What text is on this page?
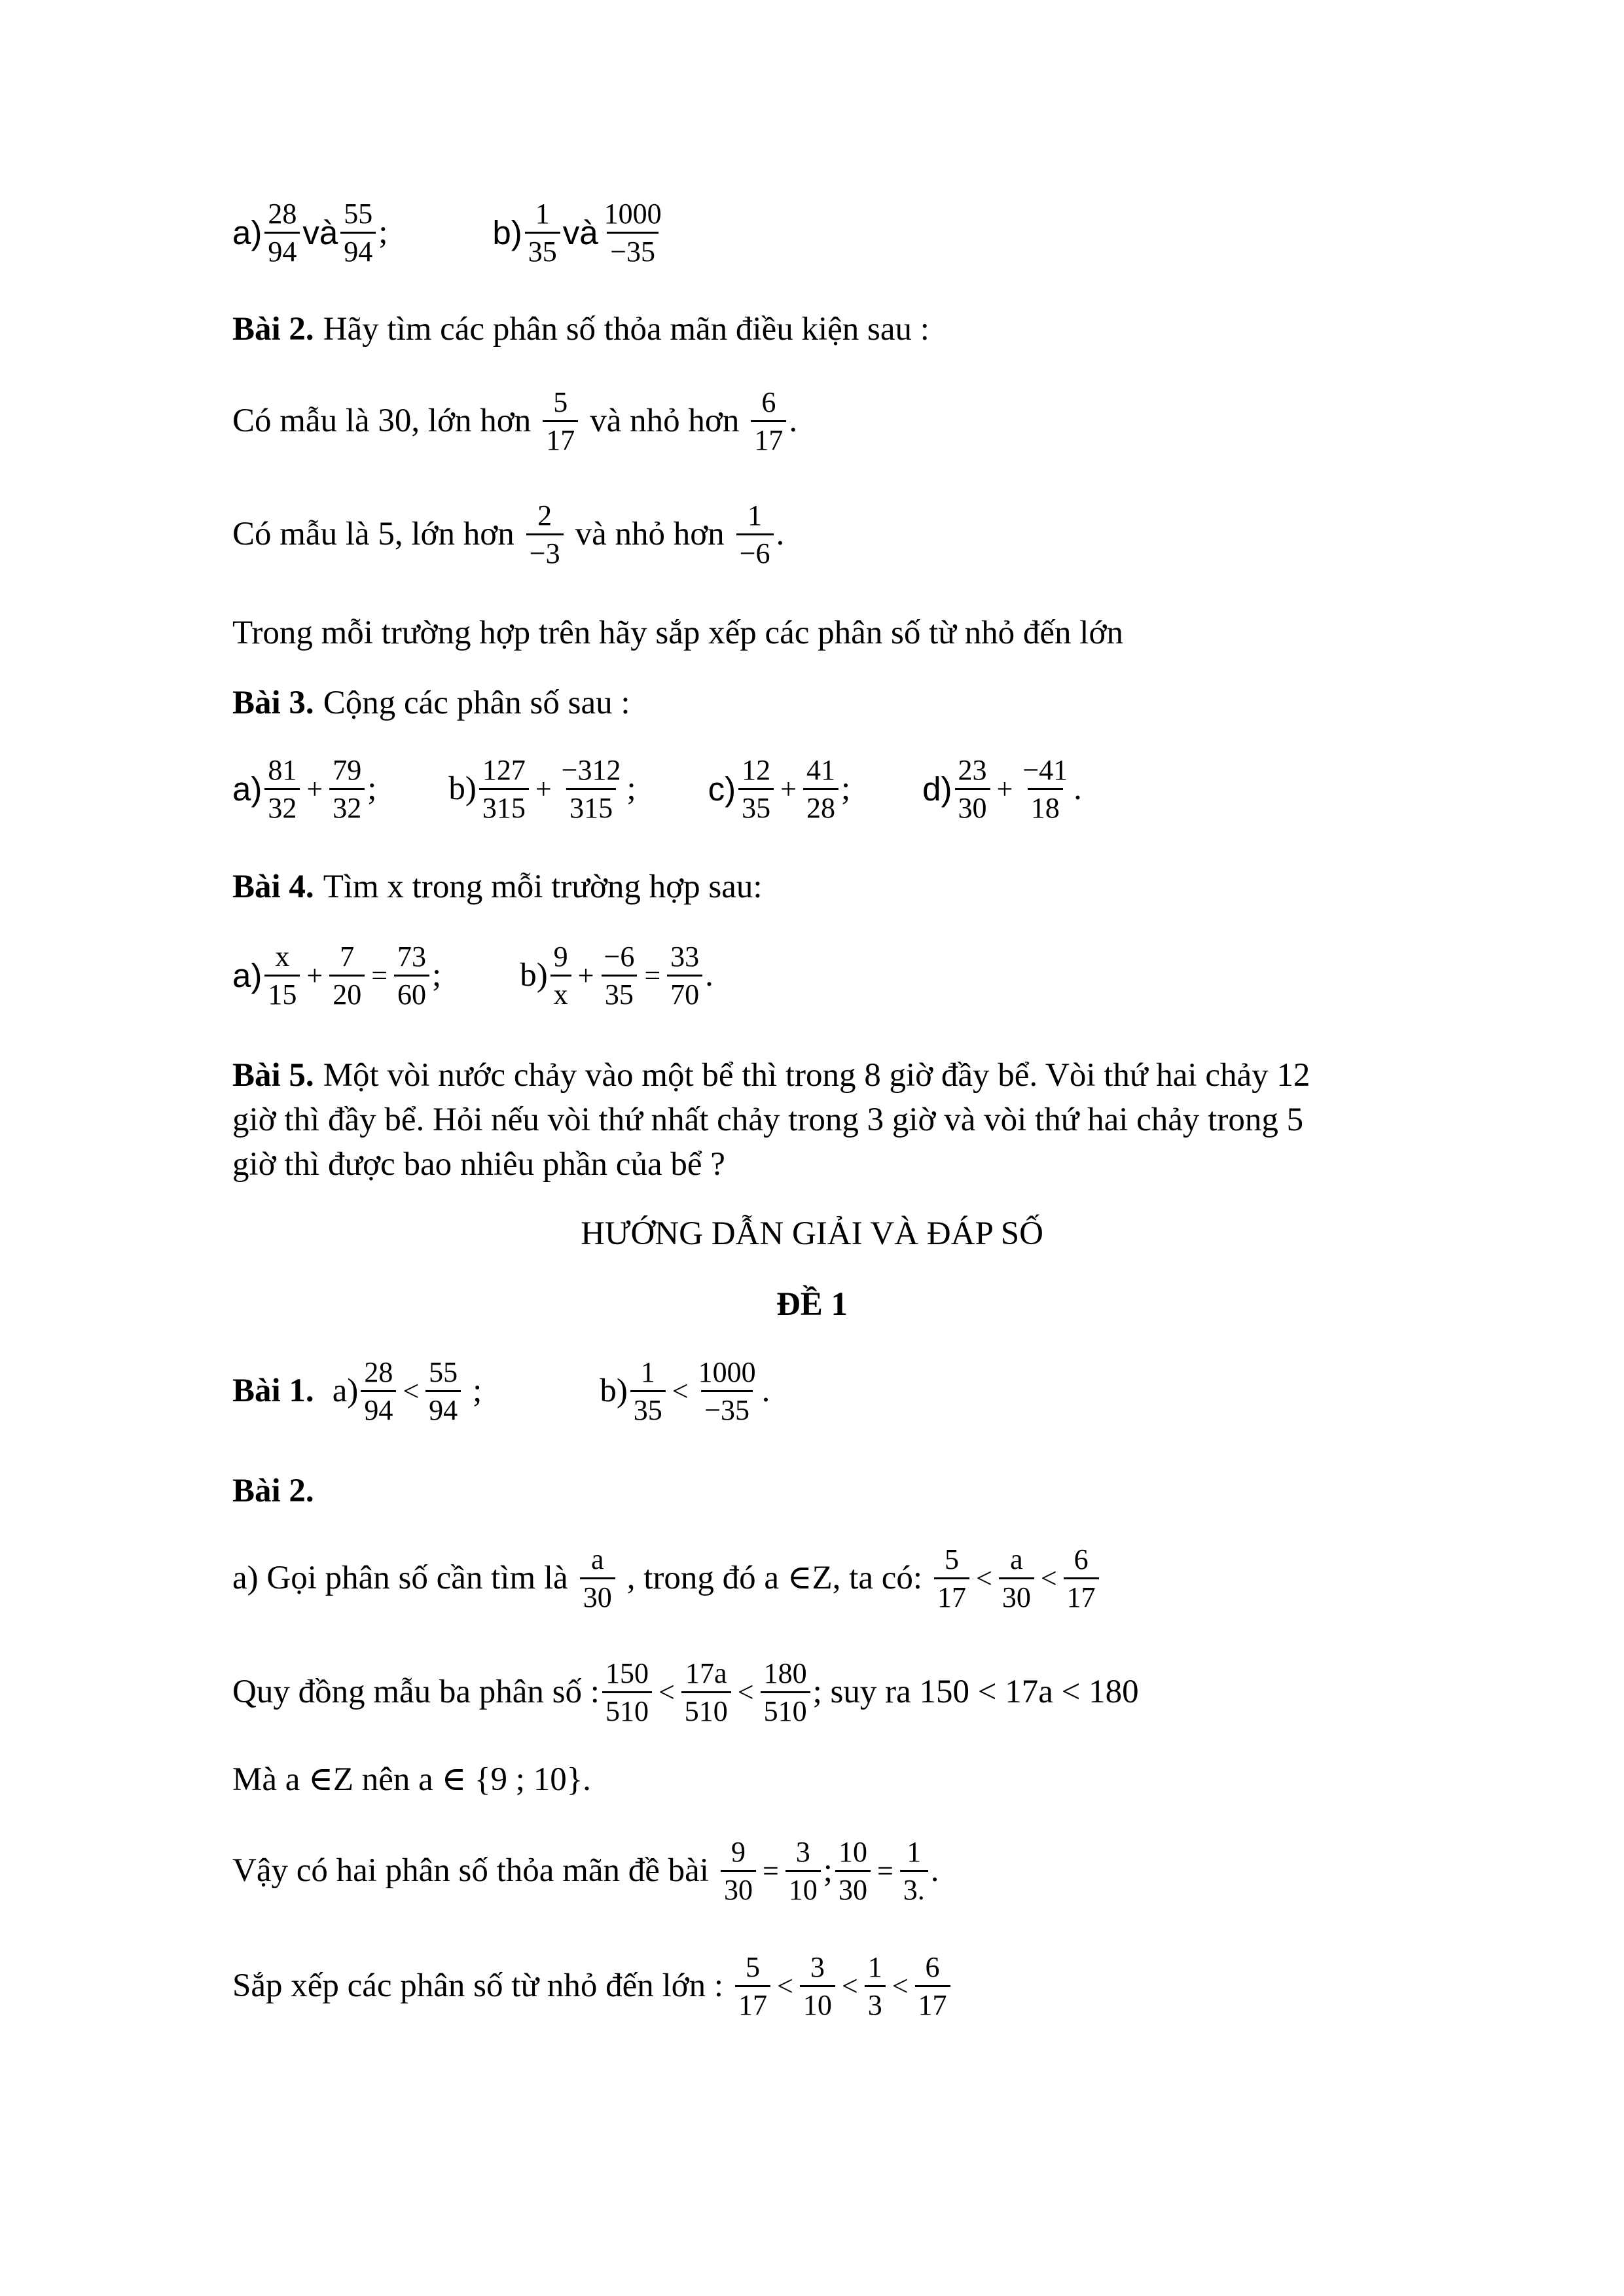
$a) \frac{28}{94}$ và $\frac{55}{94}$ ;	$b) \frac{1}{35}$ và $\frac{1000}{-35}$
Bài 2. Hãy tìm các phân số thỏa mãn điều kiện sau :
Có mẫu là 30, lớn hơn $\frac{5}{17}$ và nhỏ hơn $\frac{6}{17}$ .
Có mẫu là 5, lớn hơn $\frac{2}{-3}$ và nhỏ hơn $\frac{1}{-6}$ .
Trong mỗi trường hợp trên hãy sắp xếp các phân số từ nhỏ đến lớn
Bài 3. Cộng các phân số sau :
$a) \frac{81}{32} + \frac{79}{32}$ ; $b) \frac{127}{315} + \frac{-312}{315}$ ; $c) \frac{12}{35} + \frac{41}{28}$ ; $d) \frac{23}{30} + \frac{-41}{18}$ .
Bài 4. Tìm x trong mỗi trường hợp sau:
$a) \frac{x}{15} + \frac{7}{20} = \frac{73}{60}$ ; $b) \frac{9}{x} + \frac{-6}{35} = \frac{33}{70}$ .
Bài 5. Một vòi nước chảy vào một bể thì trong 8 giờ đầy bể. Vòi thứ hai chảy 12
giờ thì đầy bể. Hỏi nếu vòi thứ nhất chảy trong 3 giờ và vòi thứ hai chảy trong 5
giờ thì được bao nhiêu phần của bể ?
HƯỚNG DẪN GIẢI VÀ ĐÁP SỐ
ĐỀ 1
Bài 1. $a) \frac{28}{94} < \frac{55}{94}$ ;	$b) \frac{1}{35} < \frac{1000}{-35}$ .
Bài 2.
a) Gọi phân số cần tìm là $\frac{a}{30}$ , trong đó a ∈Z, ta có: $\frac{5}{17} < \frac{a}{30} < \frac{6}{17}$
Quy đồng mẫu ba phân số : $\frac{150}{510} < \frac{17a}{510} < \frac{180}{510}$ ; suy ra 150 < 17a < 180
Mà a ∈Z nên a ∈ {9 ; 10}.
Vậy có hai phân số thỏa mãn đề bài $\frac{9}{30} = \frac{3}{10}$ ; $\frac{10}{30} = \frac{1}{3.}$ .
Sắp xếp các phân số từ nhỏ đến lớn : $\frac{5}{17} < \frac{3}{10} < \frac{1}{3} < \frac{6}{17}$
